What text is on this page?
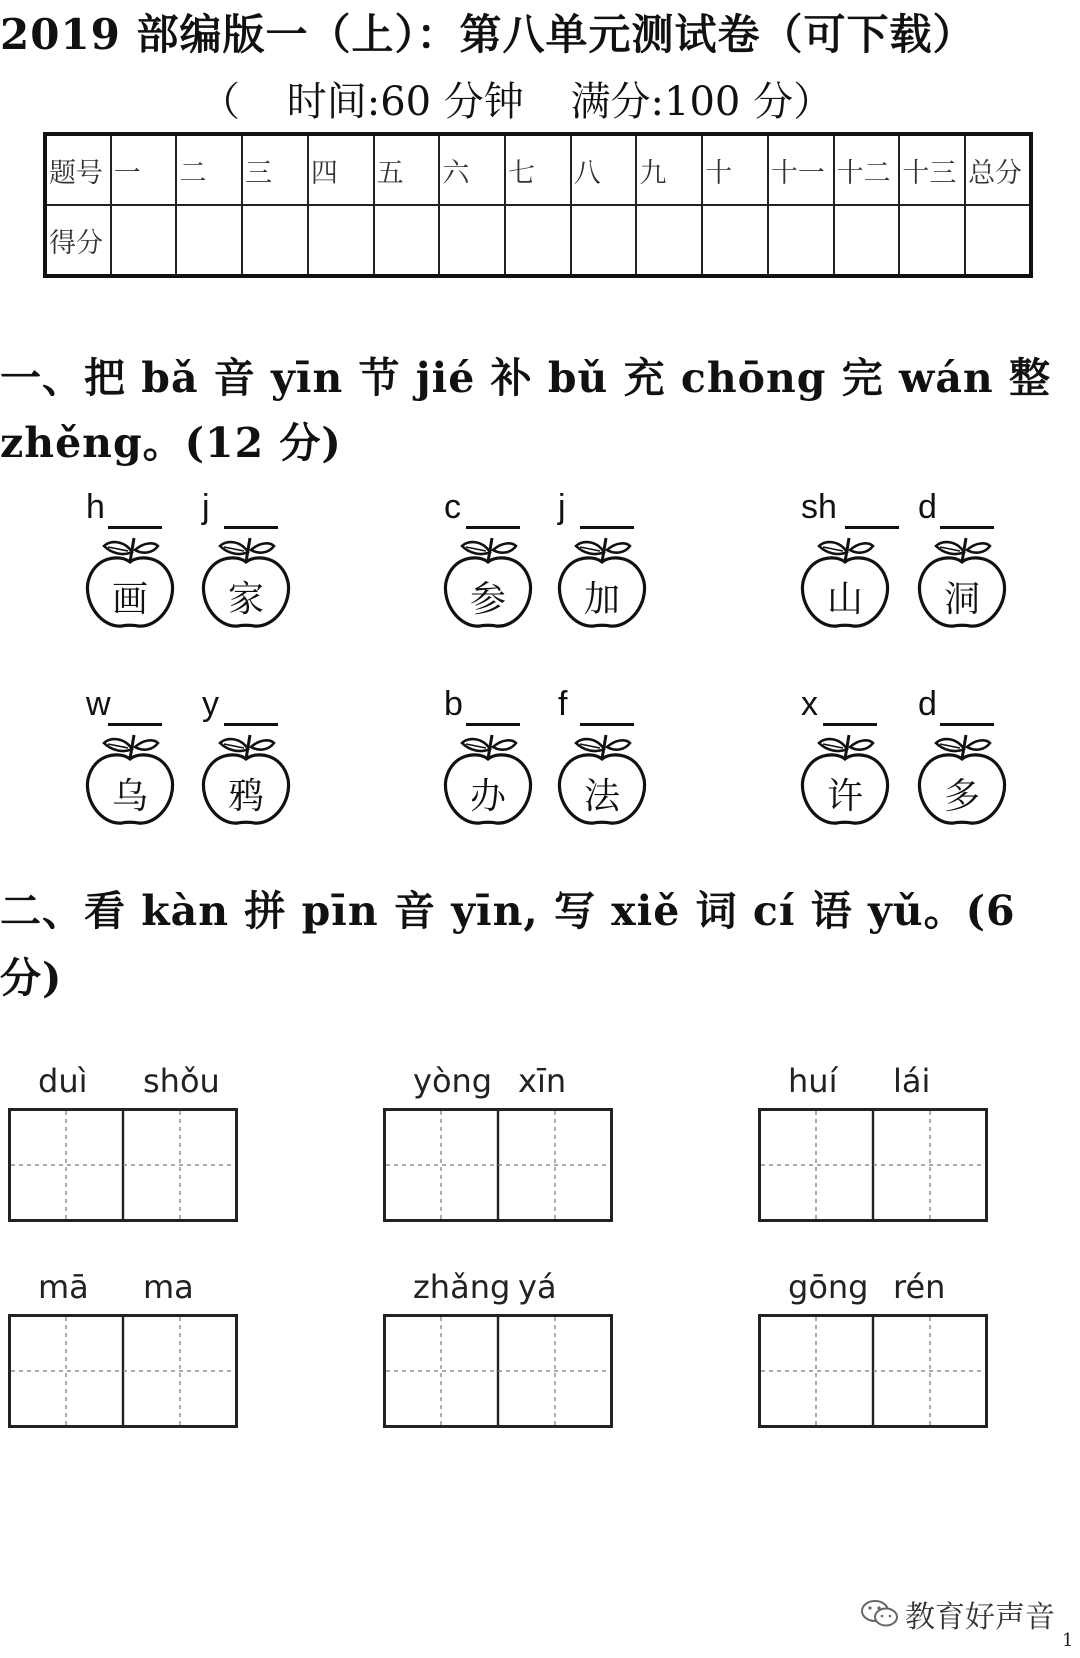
2019 部编版一（上）：第八单元测试卷（可下载）
（ 时间:60 分钟 满分:100 分）
题号	一	二	三	四	五	六	七	八	九	十	十一	十二	十三	总分
得分														
一、把 bǎ 音 yīn 节 jié 补 bǔ 充 chōng 完 wán 整
zhěng。(12 分)
h
画
j
家
c
参
j
加
sh
山
d
洞
w
乌
y
鸦
b
办
f
法
x
许
d
多
二、看 kàn 拼 pīn 音 yīn, 写 xiě 词 cí 语 yǔ。(6
分)
duì shǒu	yòng xīn	huí lái
mā ma	zhǎng yá	gōng rén
教育好声音
1
